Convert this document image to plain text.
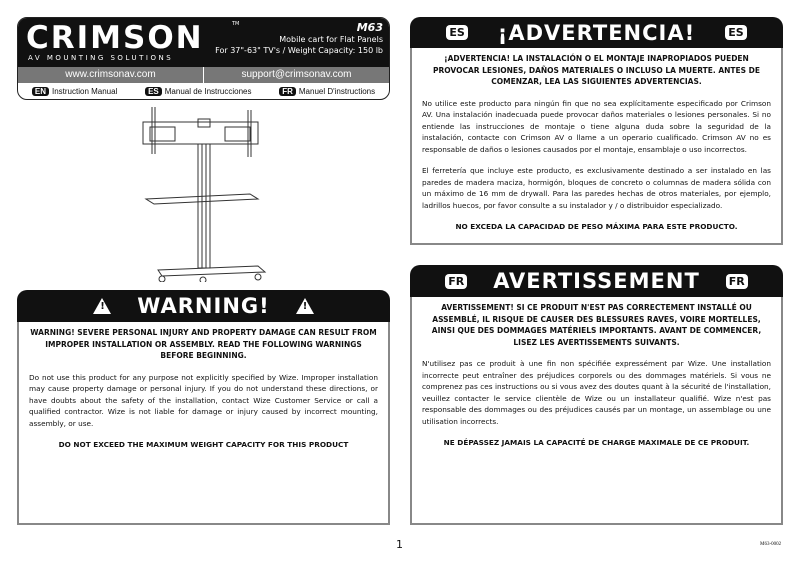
CRIMSON	TM
AV MOUNTING SOLUTIONS
M63
Mobile cart for Flat Panels
For 37"-63" TV's / Weight Capacity: 150 lb
www.crimsonav.com	support@crimsonav.com
EN Instruction Manual	ES Manual de Instrucciones	FR Manuel D'instructions
!
WARNING!
!
WARNING! SEVERE PERSONAL INJURY AND PROPERTY DAMAGE CAN RESULT FROM IMPROPER INSTALLATION OR ASSEMBLY. READ THE FOLLOWING WARNINGS BEFORE BEGINNING.

Do not use this product for any purpose not explicitly specified by Wize. Improper installation may cause property damage or personal injury. If you do not understand these directions, or have doubts about the safety of the installation, contact Wize Customer Service or call a qualified contractor. Wize is not liable for damage or injury caused by incorrect mounting, assembly, or use.

DO NOT EXCEED THE MAXIMUM WEIGHT CAPACITY FOR THIS PRODUCT
ES ¡ADVERTENCIA!	ES
¡ADVERTENCIA! LA INSTALACIÓN O EL MONTAJE INAPROPIADOS PUEDEN PROVOCAR LESIONES, DAÑOS MATERIALES O INCLUSO LA MUERTE. ANTES DE COMENZAR, LEA LAS SIGUIENTES ADVERTENCIAS.

No utilice este producto para ningún fin que no sea explícitamente especificado por Crimson AV. Una instalación inadecuada puede provocar daños materiales o lesiones personales. Si no entiende las instrucciones de montaje o tiene alguna duda sobre la seguridad de la instalación, contacte con Crimson AV o llame a un operario cualificado. Crimson AV no es responsable de daños o lesiones causados por el montaje, ensamblaje o uso incorrectos.

El ferretería que incluye este producto, es exclusivamente destinado a ser instalado en las paredes de madera maciza, hormigón, bloques de concreto o columnas de madera sólida con un máximo de 16 mm de drywall. Para las paredes hechas de otros materiales, por ejemplo, ladrillos huecos, por favor consulte a su instalador y / o distribuidor especializado.

NO EXCEDA LA CAPACIDAD DE PESO MÁXIMA PARA ESTE PRODUCTO.
FR AVERTISSEMENT	FR
AVERTISSEMENT! SI CE PRODUIT N'EST PAS CORRECTEMENT INSTALLÉ OU ASSEMBLÉ, IL RISQUE DE CAUSER DES BLESSURES RAVES, VOIRE MORTELLES, AINSI QUE DES DOMMAGES MATÉRIELS IMPORTANTS. AVANT DE COMMENCER, LISEZ LES AVERTISSEMENTS SUIVANTS.

N'utilisez pas ce produit à une fin non spécifiée expressément par Wize. Une installation incorrecte peut entraîner des préjudices corporels ou des dommages matériels. Si vous ne comprenez pas ces instructions ou si vous avez des doutes quant à la sécurité de l'installation, veuillez contacter le service clientèle de Wize ou un installateur qualifié. Wize n'est pas responsable des dommages ou des préjudices causés par un montage, un assemblage ou une utilisation incorrects.

NE DÉPASSEZ JAMAIS LA CAPACITÉ DE CHARGE MAXIMALE DE CE PRODUIT.
1	M63-0002
